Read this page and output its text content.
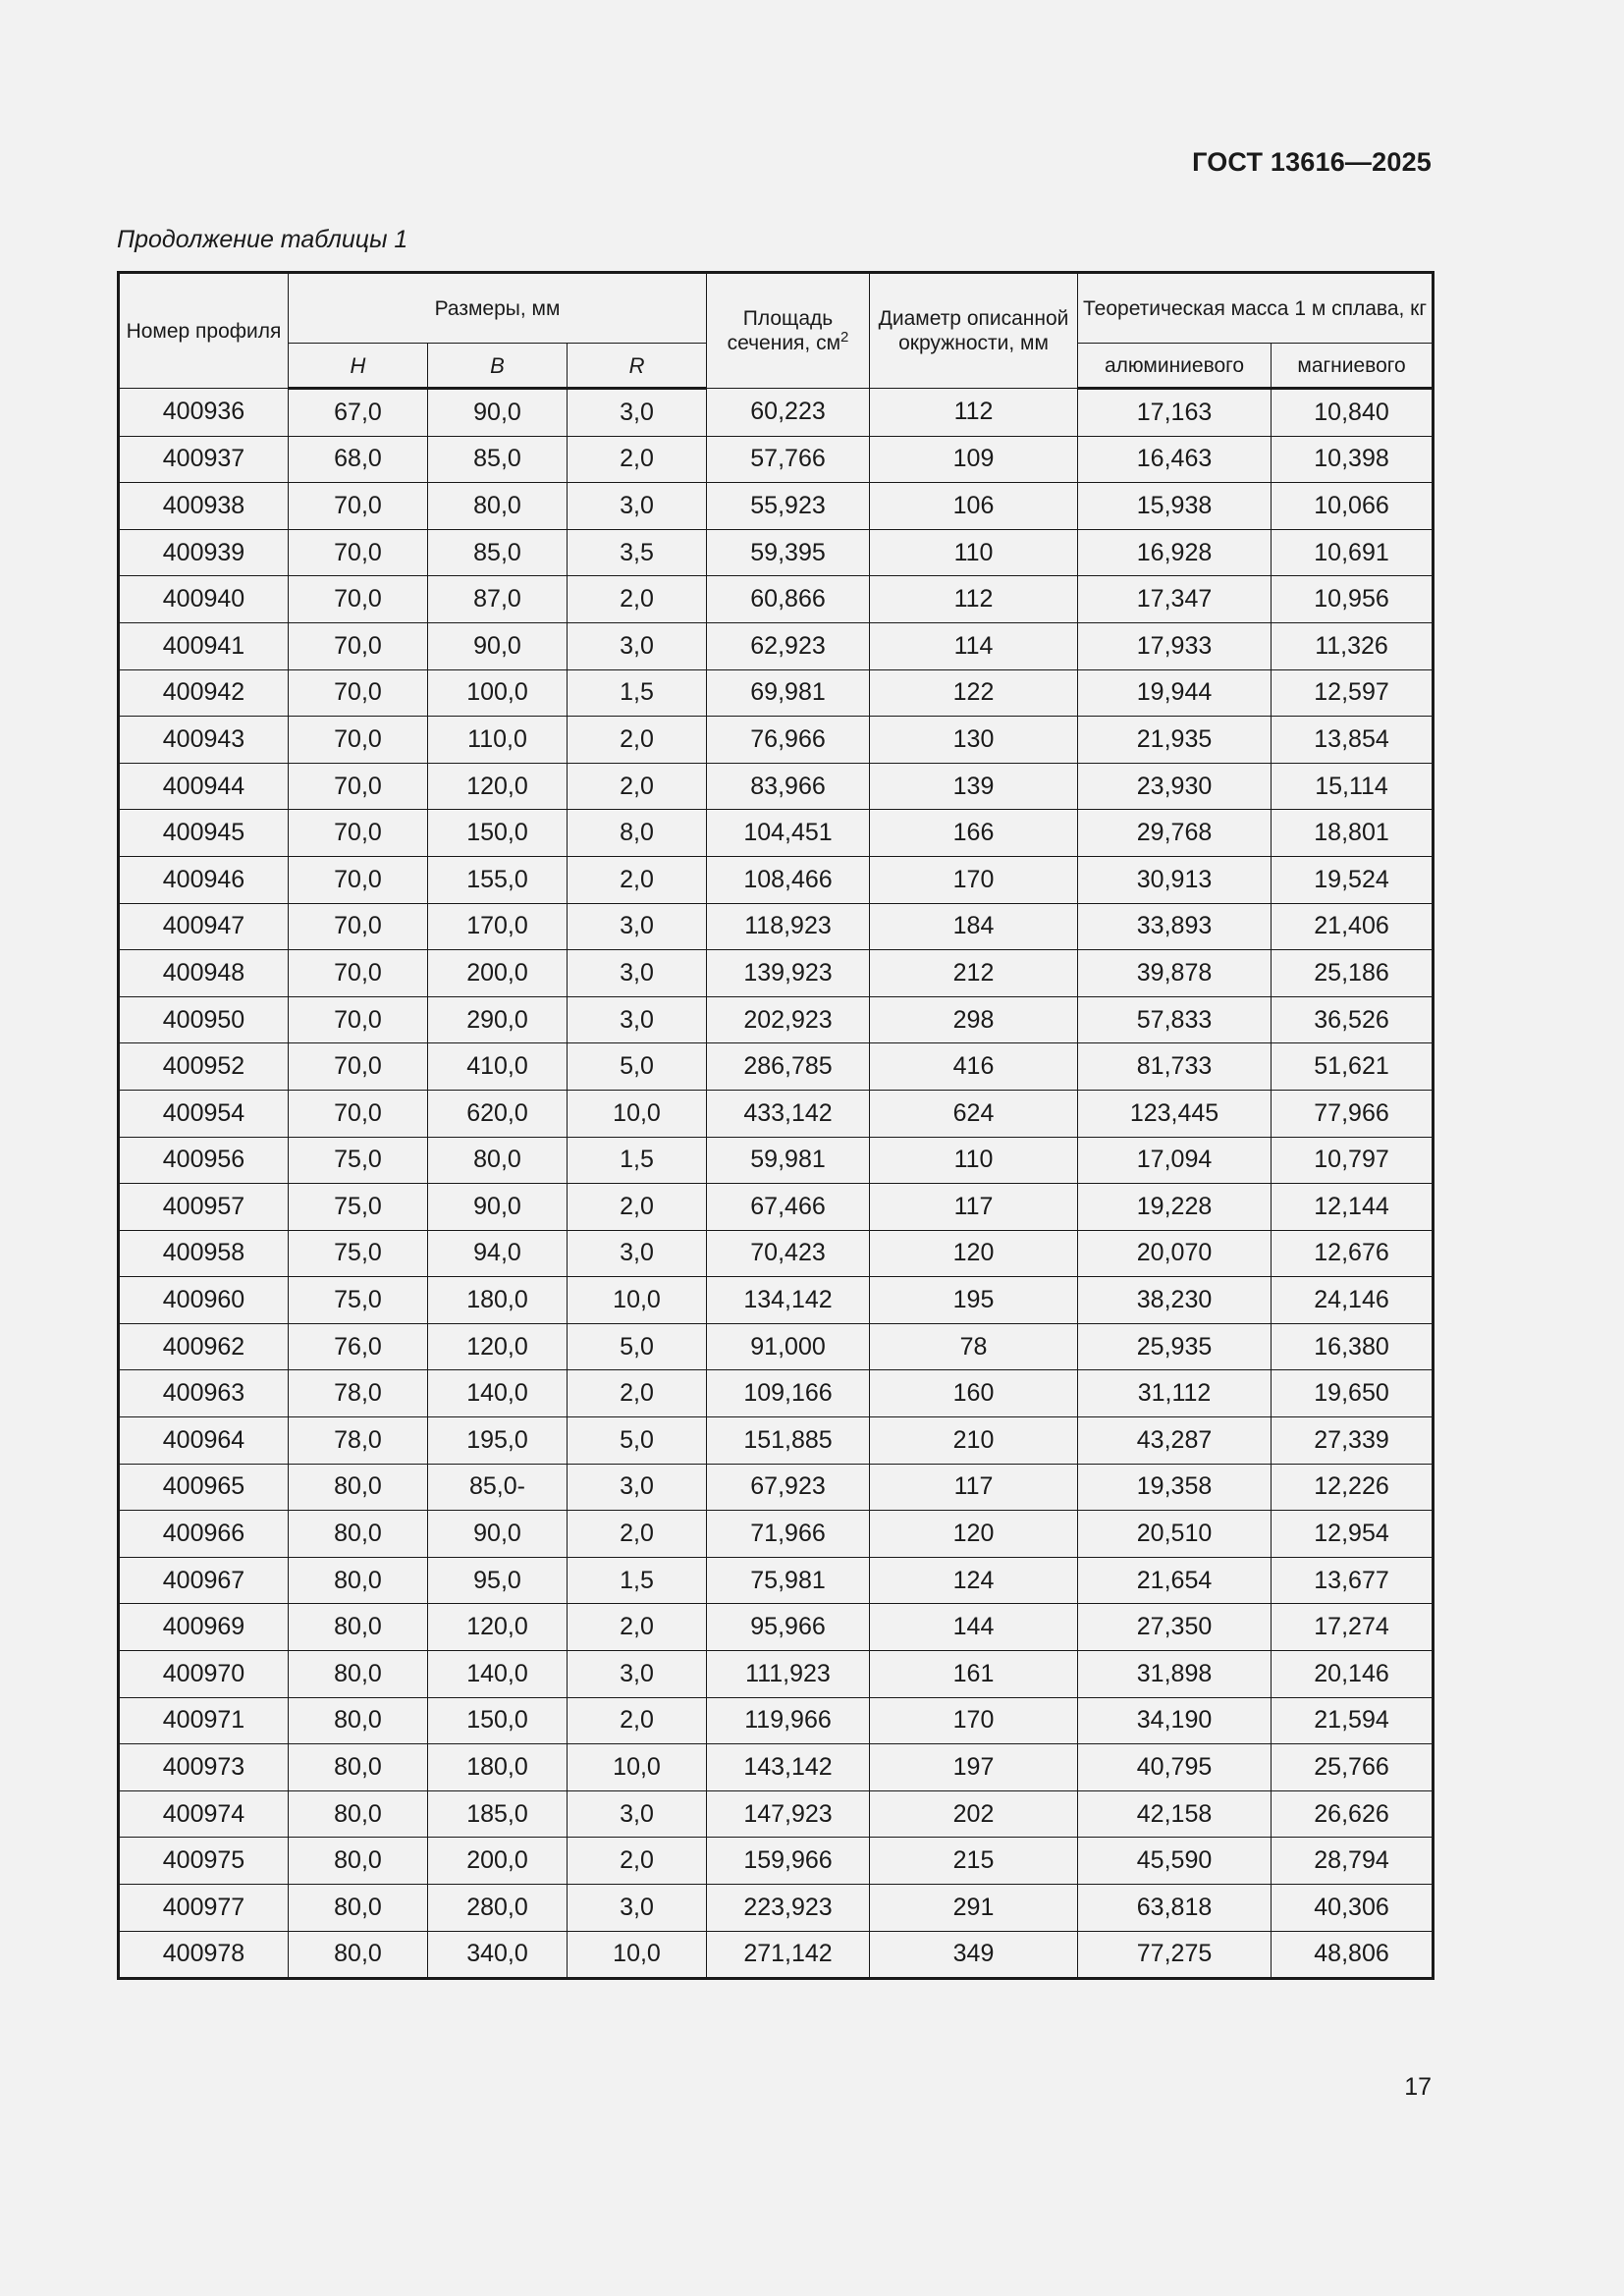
ГОСТ 13616—2025
Продолжение таблицы 1
Номер профиля	Размеры, мм			Площадь сечения, $см^2$	Диаметр описанной окружности, мм	Теоретическая масса 1 м сплава, кг	
	H	B	R			алюминиевого	магниевого
400936	67,0	90,0	3,0	60,223	112	17,163	10,840
400937	68,0	85,0	2,0	57,766	109	16,463	10,398
400938	70,0	80,0	3,0	55,923	106	15,938	10,066
400939	70,0	85,0	3,5	59,395	110	16,928	10,691
400940	70,0	87,0	2,0	60,866	112	17,347	10,956
400941	70,0	90,0	3,0	62,923	114	17,933	11,326
400942	70,0	100,0	1,5	69,981	122	19,944	12,597
400943	70,0	110,0	2,0	76,966	130	21,935	13,854
400944	70,0	120,0	2,0	83,966	139	23,930	15,114
400945	70,0	150,0	8,0	104,451	166	29,768	18,801
400946	70,0	155,0	2,0	108,466	170	30,913	19,524
400947	70,0	170,0	3,0	118,923	184	33,893	21,406
400948	70,0	200,0	3,0	139,923	212	39,878	25,186
400950	70,0	290,0	3,0	202,923	298	57,833	36,526
400952	70,0	410,0	5,0	286,785	416	81,733	51,621
400954	70,0	620,0	10,0	433,142	624	123,445	77,966
400956	75,0	80,0	1,5	59,981	110	17,094	10,797
400957	75,0	90,0	2,0	67,466	117	19,228	12,144
400958	75,0	94,0	3,0	70,423	120	20,070	12,676
400960	75,0	180,0	10,0	134,142	195	38,230	24,146
400962	76,0	120,0	5,0	91,000	78	25,935	16,380
400963	78,0	140,0	2,0	109,166	160	31,112	19,650
400964	78,0	195,0	5,0	151,885	210	43,287	27,339
400965	80,0	85,0-	3,0	67,923	117	19,358	12,226
400966	80,0	90,0	2,0	71,966	120	20,510	12,954
400967	80,0	95,0	1,5	75,981	124	21,654	13,677
400969	80,0	120,0	2,0	95,966	144	27,350	17,274
400970	80,0	140,0	3,0	111,923	161	31,898	20,146
400971	80,0	150,0	2,0	119,966	170	34,190	21,594
400973	80,0	180,0	10,0	143,142	197	40,795	25,766
400974	80,0	185,0	3,0	147,923	202	42,158	26,626
400975	80,0	200,0	2,0	159,966	215	45,590	28,794
400977	80,0	280,0	3,0	223,923	291	63,818	40,306
400978	80,0	340,0	10,0	271,142	349	77,275	48,806
17
